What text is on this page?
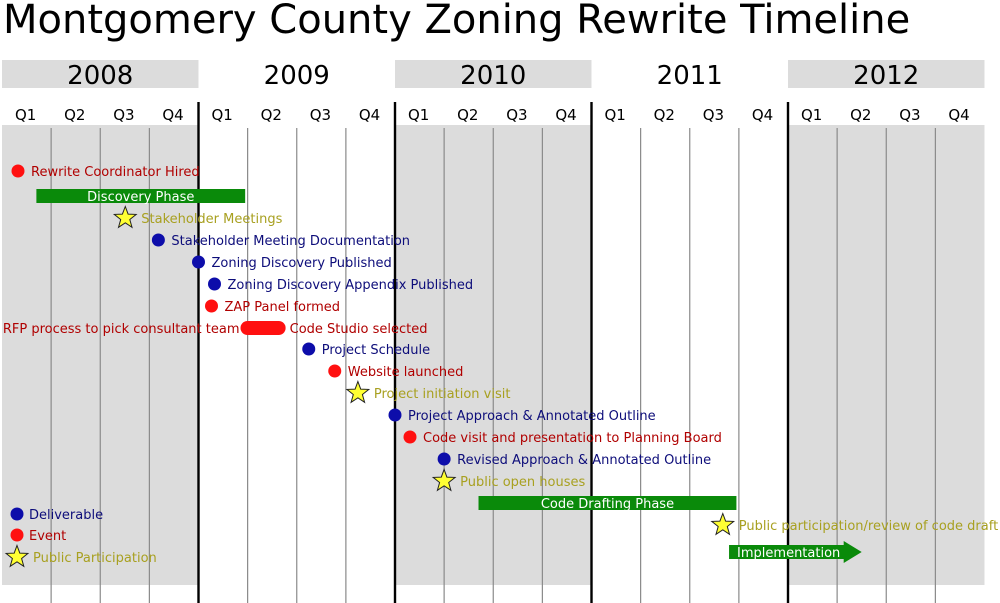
Montgomery County Zoning Rewrite Timeline
2008	2009	2010	2011	2012
Q1 Q2 Q3 Q4 Q1 Q2 Q3 Q4 Q1 Q2 Q3 Q4 Q1 Q2 Q3 Q4 Q1 Q2 Q3 Q4
Rewrite Coordinator Hired
Discovery Phase
Stakeholder Meetings
Stakeholder Meeting Documentation
Zoning Discovery Published
Zoning Discovery Appendix Published
ZAP Panel formed
RFP process to pick consultant team	Code Studio selected
Project Schedule
Website launched
Project initiation visit
Project Approach & Annotated Outline
Code visit and presentation to Planning Board
Revised Approach & Annotated Outline
Public open houses
Code Drafting Phase
Public participation/review of code draft
Implementation
Deliverable
Event
Public Participation
